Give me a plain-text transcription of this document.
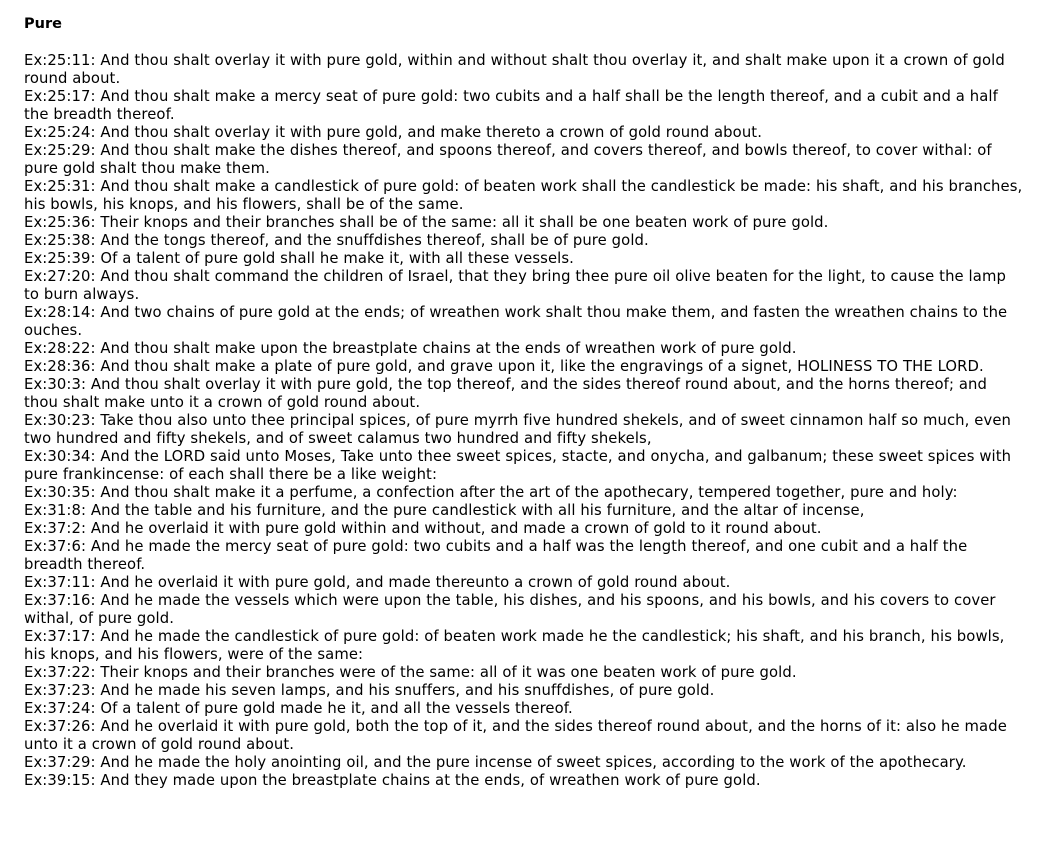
Pure
Ex:25:11: And thou shalt overlay it with pure gold, within and without shalt thou overlay it, and shalt make upon it a crown of gold round about.
Ex:25:17: And thou shalt make a mercy seat of pure gold: two cubits and a half shall be the length thereof, and a cubit and a half the breadth thereof.
Ex:25:24: And thou shalt overlay it with pure gold, and make thereto a crown of gold round about.
Ex:25:29: And thou shalt make the dishes thereof, and spoons thereof, and covers thereof, and bowls thereof, to cover withal: of pure gold shalt thou make them.
Ex:25:31: And thou shalt make a candlestick of pure gold: of beaten work shall the candlestick be made: his shaft, and his branches, his bowls, his knops, and his flowers, shall be of the same.
Ex:25:36: Their knops and their branches shall be of the same: all it shall be one beaten work of pure gold.
Ex:25:38: And the tongs thereof, and the snuffdishes thereof, shall be of pure gold.
Ex:25:39: Of a talent of pure gold shall he make it, with all these vessels.
Ex:27:20: And thou shalt command the children of Israel, that they bring thee pure oil olive beaten for the light, to cause the lamp to burn always.
Ex:28:14: And two chains of pure gold at the ends; of wreathen work shalt thou make them, and fasten the wreathen chains to the ouches.
Ex:28:22: And thou shalt make upon the breastplate chains at the ends of wreathen work of pure gold.
Ex:28:36: And thou shalt make a plate of pure gold, and grave upon it, like the engravings of a signet, HOLINESS TO THE LORD.
Ex:30:3: And thou shalt overlay it with pure gold, the top thereof, and the sides thereof round about, and the horns thereof; and thou shalt make unto it a crown of gold round about.
Ex:30:23: Take thou also unto thee principal spices, of pure myrrh five hundred shekels, and of sweet cinnamon half so much, even two hundred and fifty shekels, and of sweet calamus two hundred and fifty shekels,
Ex:30:34: And the LORD said unto Moses, Take unto thee sweet spices, stacte, and onycha, and galbanum; these sweet spices with pure frankincense: of each shall there be a like weight:
Ex:30:35: And thou shalt make it a perfume, a confection after the art of the apothecary, tempered together, pure and holy:
Ex:31:8: And the table and his furniture, and the pure candlestick with all his furniture, and the altar of incense,
Ex:37:2: And he overlaid it with pure gold within and without, and made a crown of gold to it round about.
Ex:37:6: And he made the mercy seat of pure gold: two cubits and a half was the length thereof, and one cubit and a half the breadth thereof.
Ex:37:11: And he overlaid it with pure gold, and made thereunto a crown of gold round about.
Ex:37:16: And he made the vessels which were upon the table, his dishes, and his spoons, and his bowls, and his covers to cover withal, of pure gold.
Ex:37:17: And he made the candlestick of pure gold: of beaten work made he the candlestick; his shaft, and his branch, his bowls, his knops, and his flowers, were of the same:
Ex:37:22: Their knops and their branches were of the same: all of it was one beaten work of pure gold.
Ex:37:23: And he made his seven lamps, and his snuffers, and his snuffdishes, of pure gold.
Ex:37:24: Of a talent of pure gold made he it, and all the vessels thereof.
Ex:37:26: And he overlaid it with pure gold, both the top of it, and the sides thereof round about, and the horns of it: also he made unto it a crown of gold round about.
Ex:37:29: And he made the holy anointing oil, and the pure incense of sweet spices, according to the work of the apothecary.
Ex:39:15: And they made upon the breastplate chains at the ends, of wreathen work of pure gold.
